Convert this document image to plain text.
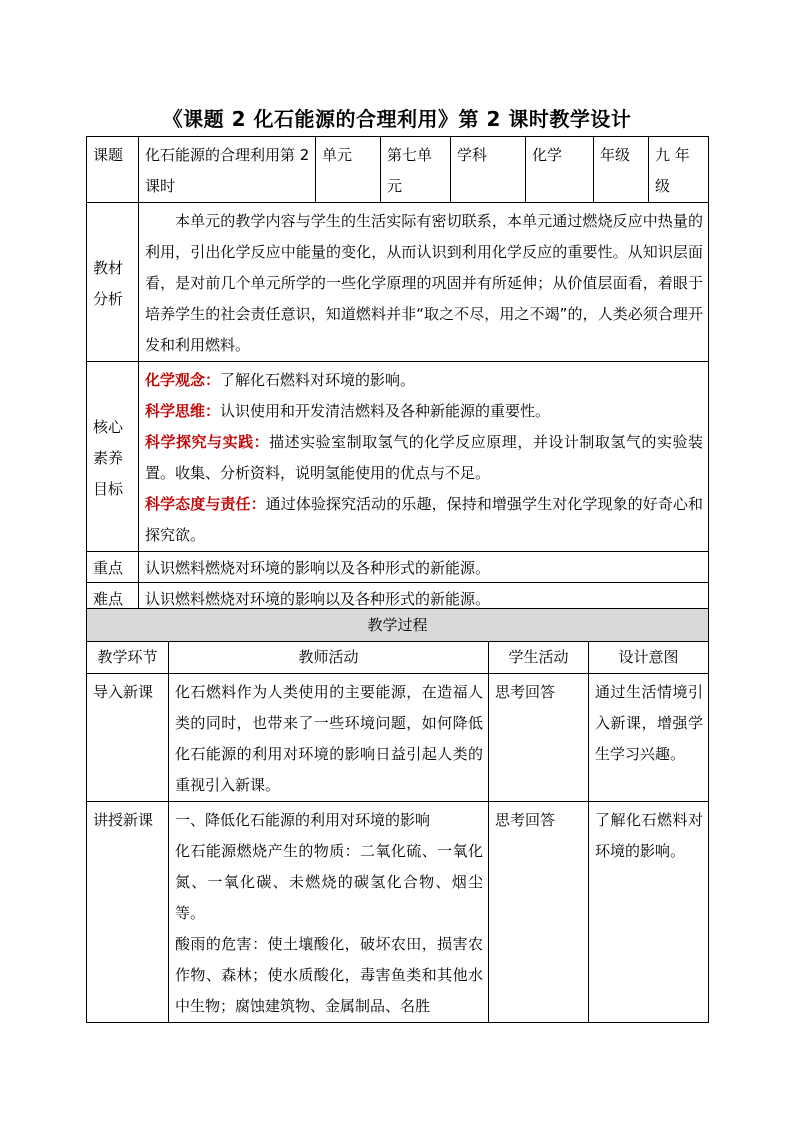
《课题 2 化石能源的合理利用》第 2 课时教学设计
课题	化石能源的合理利用第 2 课时	单元	第七单元	学科	化学	年级	九 年 级
教材分析	本单元的教学内容与学生的生活实际有密切联系，本单元通过燃烧反应中热量的利用，引出化学反应中能量的变化，从而认识到利用化学反应的重要性。从知识层面看，是对前几个单元所学的一些化学原理的巩固并有所延伸；从价值层面看，着眼于培养学生的社会责任意识，知道燃料并非“取之不尽，用之不竭”的，人类必须合理开发和利用燃料。						
核心素养目标	化学观念：了解化石燃料对环境的影响。
科学思维：认识使用和开发清洁燃料及各种新能源的重要性。
科学探究与实践：描述实验室制取氢气的化学反应原理，并设计制取氢气的实验装置。收集、分析资料，说明氢能使用的优点与不足。
科学态度与责任：通过体验探究活动的乐趣，保持和增强学生对化学现象的好奇心和探究欲。						

重点	认识燃料燃烧对环境的影响以及各种形式的新能源。						
难点	认识燃料燃烧对环境的影响以及各种形式的新能源。						
教学过程			
教学环节	教师活动	学生活动	设计意图
导入新课	化石燃料作为人类使用的主要能源，在造福人类的同时，也带来了一些环境问题，如何降低化石能源的利用对环境的影响日益引起人类的重视引入新课。	思考回答	通过生活情境引入新课，增强学生学习兴趣。
讲授新课	一、降低化石能源的利用对环境的影响
化石能源燃烧产生的物质：二氧化硫、一氧化氮、一氧化碳、未燃烧的碳氢化合物、烟尘等。
酸雨的危害：使土壤酸化，破坏农田，损害农作物、森林；使水质酸化，毒害鱼类和其他水中生物；腐蚀建筑物、金属制品、名胜	思考回答	了解化石燃料对环境的影响。
